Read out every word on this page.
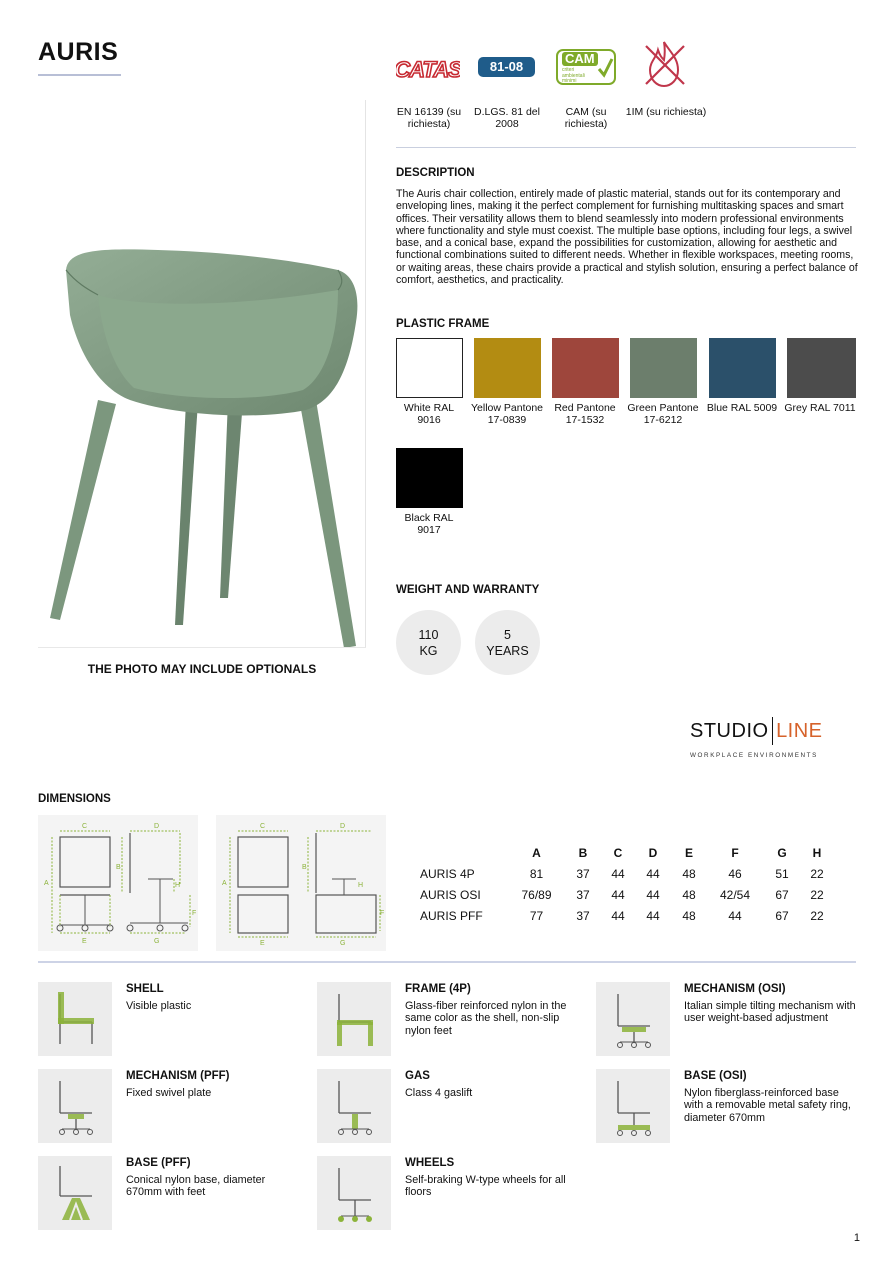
AURIS
THE PHOTO MAY INCLUDE OPTIONALS
CATAS	81-08
CAM
criteri ambientali minimi
EN 16139 (su richiesta)
D.LGS. 81 del 2008
CAM (su richiesta)
1IM (su richiesta)
DESCRIPTION
The Auris chair collection, entirely made of plastic material, stands out for its contemporary and enveloping lines, making it the perfect complement for furnishing multitasking spaces and smart offices. Their versatility allows them to blend seamlessly into modern professional environments where functionality and style must coexist. The multiple base options, including four legs, a swivel base, and a conical base, expand the possibilities for customization, allowing for aesthetic and functional combinations suited to different needs. Whether in flexible workspaces, meeting rooms, or waiting areas, these chairs provide a practical and stylish solution, ensuring a perfect balance of comfort, aesthetics, and practicality.
PLASTIC FRAME
White RAL 9016
Yellow Pantone 17-0839
Red Pantone 17-1532
Green Pantone 17-6212
Blue RAL 5009 Grey RAL 7011
Black RAL 9017
WEIGHT AND WARRANTY
110
KG
5
YEARS
STUDIO LINE
WORKPLACE ENVIRONMENTS
DIMENSIONS
C
A
E
D
B
H
F
G
C
A
E
D
B
H
F
G
	A	B	C	D	E	F	G	H
AURIS 4P	81	37	44	44	48	46	51	22
AURIS OSI	76/89	37	44	44	48	42/54	67	22
AURIS PFF	77	37	44	44	48	44	67	22
SHELL
Visible plastic
FRAME (4P)
Glass-fiber reinforced nylon in the same color as the shell, non-slip nylon feet
MECHANISM (OSI)
Italian simple tilting mechanism with user weight-based adjustment
MECHANISM (PFF)
Fixed swivel plate
GAS
Class 4 gaslift
BASE (OSI)
Nylon fiberglass-reinforced base with a removable metal safety ring, diameter 670mm
BASE (PFF)
Conical nylon base, diameter 670mm with feet
WHEELS
Self-braking W-type wheels for all floors
1
